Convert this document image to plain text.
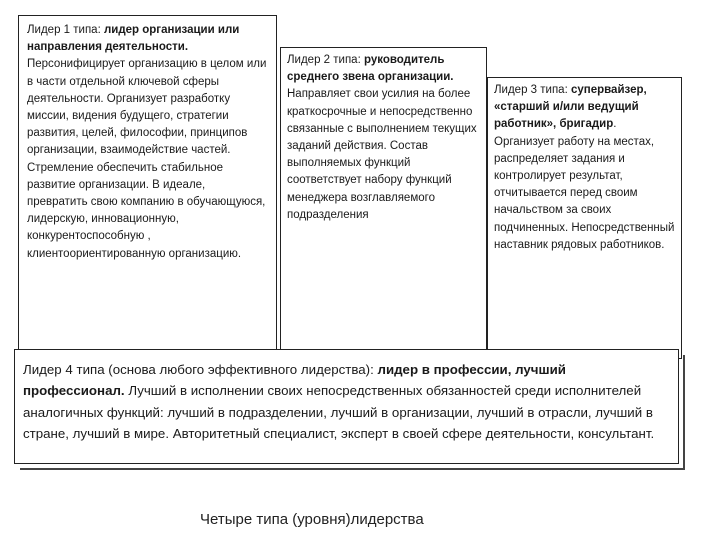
Лидер 1 типа: лидер организации или направления деятельности. Персонифицирует организацию в целом или в части отдельной ключевой сферы деятельности. Организует разработку миссии, видения будущего, стратегии развития, целей, философии, принципов организации, взаимодействие частей. Стремление обеспечить стабильное развитие организации. В идеале, превратить свою компанию в обучающуюся, лидерскую, инновационную, конкурентоспособную , клиентоориентированную организацию.
Лидер 2 типа: руководитель среднего звена организации. Направляет свои усилия на более краткосрочные и непосредственно связанные с выполнением текущих заданий действия. Состав выполняемых функций соответствует набору функций менеджера возглавляемого подразделения
Лидер 3 типа: супервайзер, «старший и/или ведущий работник», бригадир. Организует работу на местах, распределяет задания и контролирует результат, отчитывается перед своим начальством за своих подчиненных. Непосредственный наставник рядовых работников.
Лидер 4 типа (основа любого эффективного лидерства): лидер в профессии, лучший профессионал. Лучший в исполнении своих непосредственных обязанностей среди исполнителей аналогичных функций: лучший в подразделении, лучший в организации, лучший в отрасли, лучший в стране, лучший в мире. Авторитетный специалист, эксперт в своей сфере деятельности, консультант.
Четыре типа (уровня)лидерства
